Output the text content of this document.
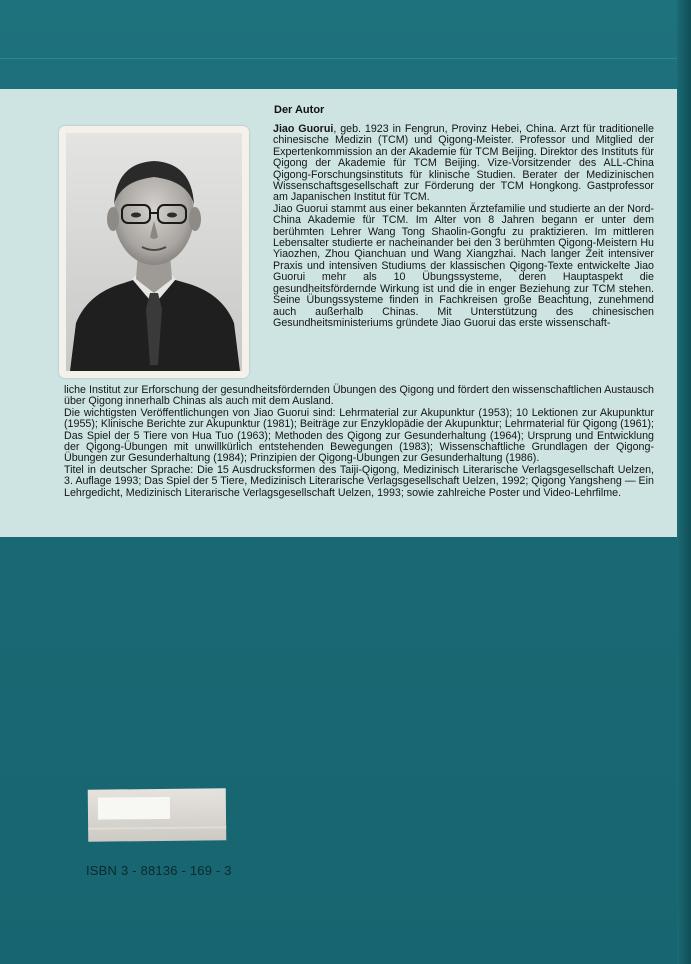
Der Autor

Jiao Guorui, geb. 1923 in Fengrun, Provinz Hebei, China. Arzt für traditionelle chinesische Medizin (TCM) und Qigong-Meister. Professor und Mitglied der Expertenkommission an der Akademie für TCM Beijing. Direktor des Instituts für Qigong der Akademie für TCM Beijing. Vize-Vorsitzender des ALL-China Qigong-Forschungsinstituts für klinische Studien. Berater der Medizinischen Wissenschaftsgesellschaft zur Förderung der TCM Hongkong. Gastprofessor am Japanischen Institut für TCM.

Jiao Guorui stammt aus einer bekannten Ärztefamilie und studierte an der Nord-China Akademie für TCM. Im Alter von 8 Jahren begann er unter dem berühmten Lehrer Wang Tong Shaolin-Gongfu zu praktizieren. Im mittleren Lebensalter studierte er nacheinander bei den 3 berühmten Qigong-Meistern Hu Yiaozhen, Zhou Qianchuan und Wang Xiangzhai. Nach langer Zeit intensiver Praxis und intensiven Studiums der klassischen Qigong-Texte entwickelte Jiao Guorui mehr als 10 Übungssysteme, deren Hauptaspekt die gesundheitsfördernde Wirkung ist und die in enger Beziehung zur TCM stehen. Seine Übungssysteme finden in Fachkreisen große Beachtung, zunehmend auch außerhalb Chinas. Mit Unterstützung des chinesischen Gesundheitsministeriums gründete Jiao Guorui das erste wissenschaft-

liche Institut zur Erforschung der gesundheitsfördernden Übungen des Qigong und fördert den wissenschaftlichen Austausch über Qigong innerhalb Chinas als auch mit dem Ausland.

Die wichtigsten Veröffentlichungen von Jiao Guorui sind: Lehrmaterial zur Akupunktur (1953); 10 Lektionen zur Akupunktur (1955); Klinische Berichte zur Akupunktur (1981); Beiträge zur Enzyklopädie der Akupunktur; Lehrmaterial für Qigong (1961); Das Spiel der 5 Tiere von Hua Tuo (1963); Methoden des Qigong zur Gesunderhaltung (1964); Ursprung und Entwicklung der Qigong-Übungen mit unwillkürlich entstehenden Bewegungen (1983); Wissenschaftliche Grundlagen der Qigong-Übungen zur Gesunderhaltung (1984); Prinzipien der Qigong-Übungen zur Gesunderhaltung (1986).

Titel in deutscher Sprache: Die 15 Ausdrucksformen des Taiji-Qigong, Medizinisch Literarische Verlagsgesellschaft Uelzen, 3. Auflage 1993; Das Spiel der 5 Tiere, Medizinisch Literarische Verlagsgesellschaft Uelzen, 1992; Qigong Yangsheng — Ein Lehrgedicht, Medizinisch Literarische Verlagsgesellschaft Uelzen, 1993; sowie zahlreiche Poster und Video-Lehrfilme.

ISBN 3 - 88136 - 169 - 3
